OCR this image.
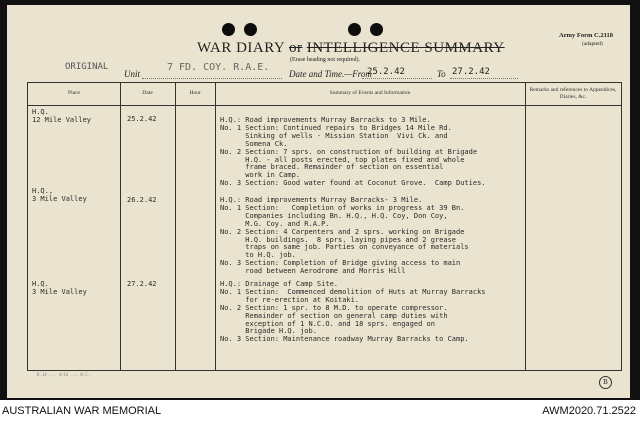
WAR DIARY or INTELLIGENCE SUMMARY
(Erase heading not required).
Army Form C.2118
(adapted)
ORIGINAL
Unit
7 FD. COY. R.A.E.
Date and Time.—From
25.2.42	To 27.2.42
Place	Date	Hour	Summary of Events and Information
Remarks and references to Appendices, Diaries, &c.
H.Q.
12 Mile Valley	25.2.42	H.Q.: Road improvements Murray Barracks to 3 Mile.
No. 1 Section: Continued repairs to Bridges 14 Mile Rd.
Sinking of wells - Mission Station  Vivi Ck. and
Somena Ck.
No. 2 Section: 7 sprs. on construction of building at Brigade
H.Q. - all posts erected, top plates fixed and whole
frame braced. Remainder of section on essential
work in Camp.
No. 3 Section: Good water found at Coconut Grove.  Camp Duties.
H.Q.,
3 Mile Valley	26.2.42	H.Q.: Road improvements Murray Barracks- 3 Mile.
No. 1 Section:   Completion of works in progress at 39 Bn.
Companies including Bn. H.Q., H.Q. Coy, Don Coy,
M.G. Coy. and R.A.P.
No. 2 Section: 4 Carpenters and 2 sprs. working on Brigade
H.Q. buildings.  8 sprs. laying pipes and 2 grease
traps on same job. Parties on conveyance of materials
to H.Q. job.
No. 3 Section: Completion of Bridge giving access to main
road between Aerodrome and Morris Hill
H.Q.
3 Mile Valley
27.2.42	H.Q.: Drainage of Camp Site.
No. 1 Section:  Commenced demolition of Huts at Murray Barracks
for re-erection at Koitaki.
No. 2 Section: 1 spr. to 8 M.D. to operate compressor.
Remainder of section on general camp duties with
exception of 1 N.C.O. and 18 sprs. engaged on
Brigade H.Q. job.
No. 3 Section: Maintenance roadway Murray Barracks to Camp.
B.14 ... 4/16 ... W.C.
B
AUSTRALIAN WAR MEMORIAL	AWM2020.71.2522
